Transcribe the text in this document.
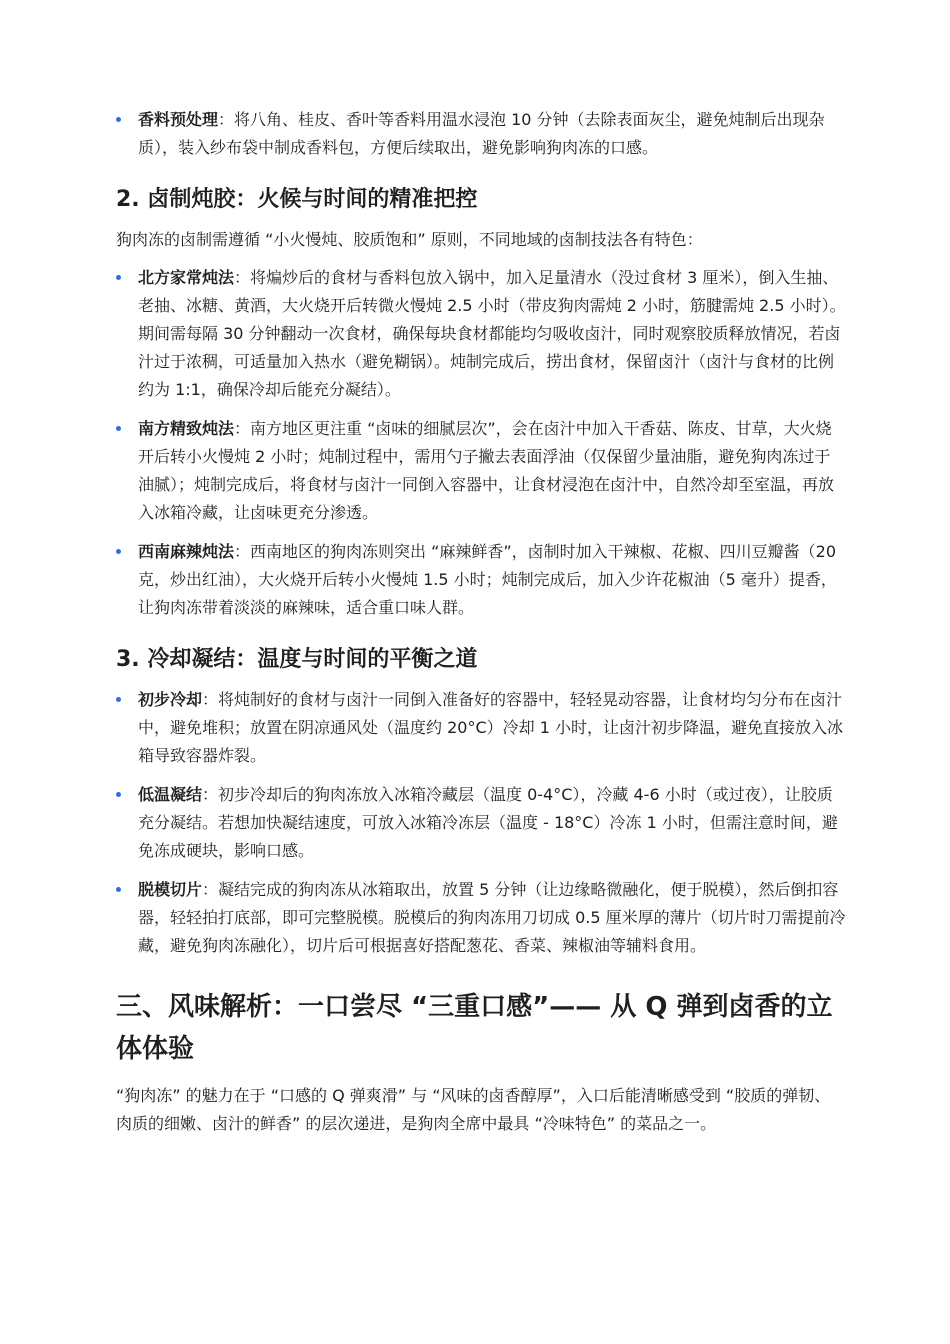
香料预处理：将八角、桂皮、香叶等香料用温水浸泡 10 分钟（去除表面灰尘，避免炖制后出现杂质），装入纱布袋中制成香料包，方便后续取出，避免影响狗肉冻的口感。
2. 卤制炖胶：火候与时间的精准把控

狗肉冻的卤制需遵循 “小火慢炖、胶质饱和” 原则，不同地域的卤制技法各有特色：

北方家常炖法：将煸炒后的食材与香料包放入锅中，加入足量清水（没过食材 3 厘米），倒入生抽、老抽、冰糖、黄酒，大火烧开后转微火慢炖 2.5 小时（带皮狗肉需炖 2 小时，筋腱需炖 2.5 小时）。期间需每隔 30 分钟翻动一次食材，确保每块食材都能均匀吸收卤汁，同时观察胶质释放情况，若卤汁过于浓稠，可适量加入热水（避免糊锅）。炖制完成后，捞出食材，保留卤汁（卤汁与食材的比例约为 1:1，确保冷却后能充分凝结）。
南方精致炖法：南方地区更注重 “卤味的细腻层次”，会在卤汁中加入干香菇、陈皮、甘草，大火烧开后转小火慢炖 2 小时；炖制过程中，需用勺子撇去表面浮油（仅保留少量油脂，避免狗肉冻过于油腻）；炖制完成后，将食材与卤汁一同倒入容器中，让食材浸泡在卤汁中，自然冷却至室温，再放入冰箱冷藏，让卤味更充分渗透。
西南麻辣炖法：西南地区的狗肉冻则突出 “麻辣鲜香”，卤制时加入干辣椒、花椒、四川豆瓣酱（20 克，炒出红油），大火烧开后转小火慢炖 1.5 小时；炖制完成后，加入少许花椒油（5 毫升）提香，让狗肉冻带着淡淡的麻辣味，适合重口味人群。
3. 冷却凝结：温度与时间的平衡之道
初步冷却：将炖制好的食材与卤汁一同倒入准备好的容器中，轻轻晃动容器，让食材均匀分布在卤汁中，避免堆积；放置在阴凉通风处（温度约 20°C）冷却 1 小时，让卤汁初步降温，避免直接放入冰箱导致容器炸裂。
低温凝结：初步冷却后的狗肉冻放入冰箱冷藏层（温度 0-4°C），冷藏 4-6 小时（或过夜），让胶质充分凝结。若想加快凝结速度，可放入冰箱冷冻层（温度 - 18°C）冷冻 1 小时，但需注意时间，避免冻成硬块，影响口感。
脱模切片：凝结完成的狗肉冻从冰箱取出，放置 5 分钟（让边缘略微融化，便于脱模），然后倒扣容器，轻轻拍打底部，即可完整脱模。脱模后的狗肉冻用刀切成 0.5 厘米厚的薄片（切片时刀需提前冷藏，避免狗肉冻融化），切片后可根据喜好搭配葱花、香菜、辣椒油等辅料食用。
三、风味解析：一口尝尽 “三重口感”—— 从 Q 弹到卤香的立体体验

“狗肉冻” 的魅力在于 “口感的 Q 弹爽滑” 与 “风味的卤香醇厚”，入口后能清晰感受到 “胶质的弹韧、肉质的细嫩、卤汁的鲜香” 的层次递进，是狗肉全席中最具 “冷味特色” 的菜品之一。
